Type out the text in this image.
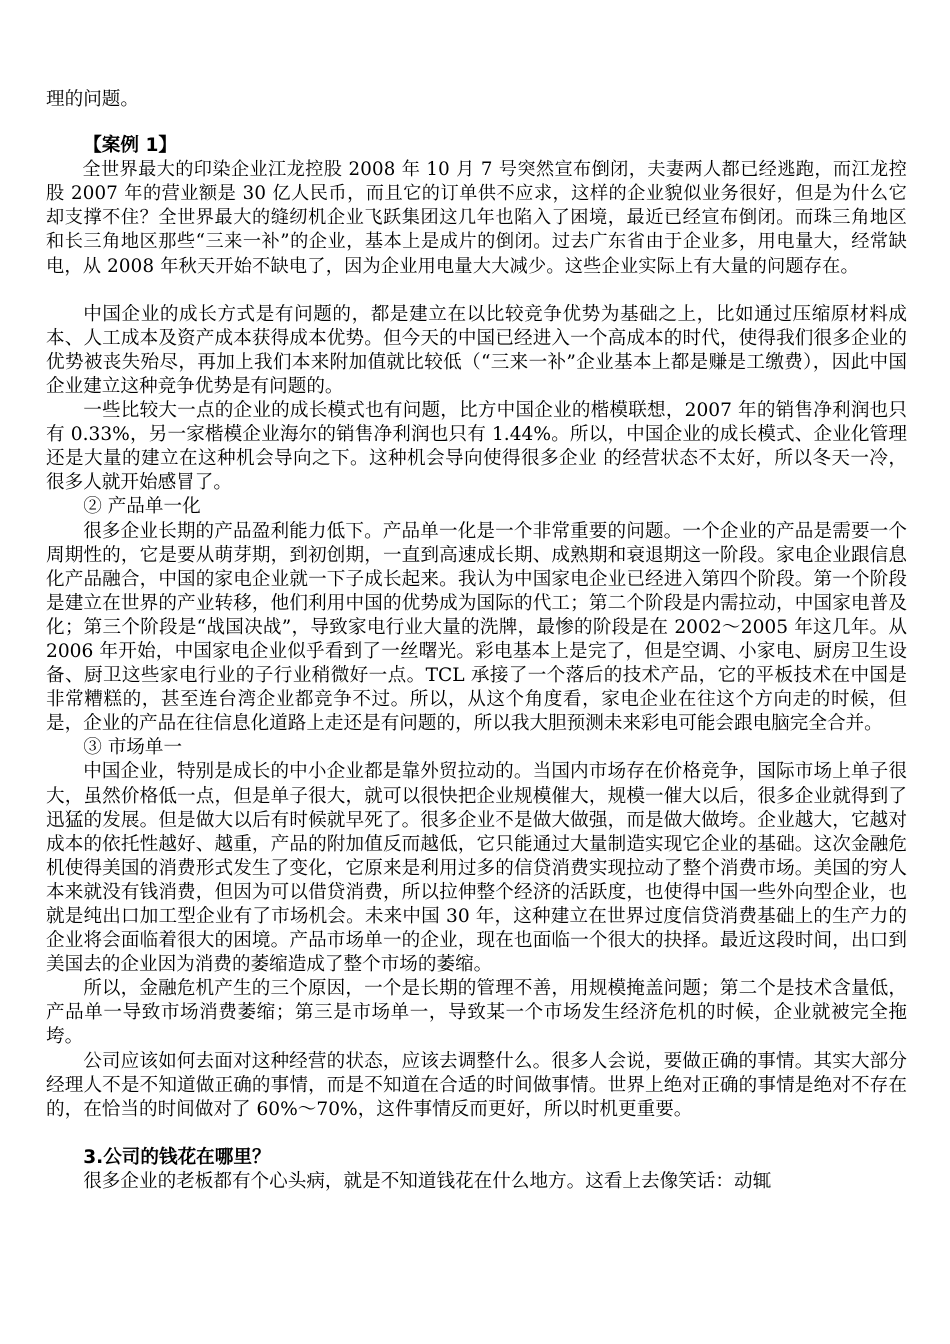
理的问题。

【案例 1】

全世界最大的印染企业江龙控股 2008 年 10 月 7 号突然宣布倒闭，夫妻两人都已经逃跑，而江龙控股 2007 年的营业额是 30 亿人民币，而且它的订单供不应求，这样的企业貌似业务很好，但是为什么它却支撑不住？全世界最大的缝纫机企业飞跃集团这几年也陷入了困境，最近已经宣布倒闭。而珠三角地区和长三角地区那些“三来一补”的企业，基本上是成片的倒闭。过去广东省由于企业多，用电量大，经常缺电，从 2008 年秋天开始不缺电了，因为企业用电量大大减少。这些企业实际上有大量的问题存在。

中国企业的成长方式是有问题的，都是建立在以比较竞争优势为基础之上，比如通过压缩原材料成本、人工成本及资产成本获得成本优势。但今天的中国已经进入一个高成本的时代，使得我们很多企业的优势被丧失殆尽，再加上我们本来附加值就比较低（“三来一补”企业基本上都是赚是工缴费），因此中国企业建立这种竞争优势是有问题的。

一些比较大一点的企业的成长模式也有问题，比方中国企业的楷模联想，2007 年的销售净利润也只有 0.33%，另一家楷模企业海尔的销售净利润也只有 1.44%。所以，中国企业的成长模式、企业化管理还是大量的建立在这种机会导向之下。这种机会导向使得很多企业 的经营状态不太好，所以冬天一冷，很多人就开始感冒了。

② 产品单一化

很多企业长期的产品盈利能力低下。产品单一化是一个非常重要的问题。一个企业的产品是需要一个周期性的，它是要从萌芽期，到初创期，一直到高速成长期、成熟期和衰退期这一阶段。家电企业跟信息化产品融合，中国的家电企业就一下子成长起来。我认为中国家电企业已经进入第四个阶段。第一个阶段是建立在世界的产业转移，他们利用中国的优势成为国际的代工；第二个阶段是内需拉动，中国家电普及化；第三个阶段是“战国决战”，导致家电行业大量的洗牌，最惨的阶段是在 2002～2005 年这几年。从 2006 年开始，中国家电企业似乎看到了一丝曙光。彩电基本上是完了，但是空调、小家电、厨房卫生设备、厨卫这些家电行业的子行业稍微好一点。TCL 承接了一个落后的技术产品，它的平板技术在中国是非常糟糕的，甚至连台湾企业都竞争不过。所以，从这个角度看，家电企业在往这个方向走的时候，但是，企业的产品在往信息化道路上走还是有问题的，所以我大胆预测未来彩电可能会跟电脑完全合并。

③ 市场单一

中国企业，特别是成长的中小企业都是靠外贸拉动的。当国内市场存在价格竞争，国际市场上单子很大，虽然价格低一点，但是单子很大，就可以很快把企业规模催大，规模一催大以后，很多企业就得到了迅猛的发展。但是做大以后有时候就早死了。很多企业不是做大做强，而是做大做垮。企业越大，它越对成本的依托性越好、越重，产品的附加值反而越低，它只能通过大量制造实现它企业的基础。这次金融危机使得美国的消费形式发生了变化，它原来是利用过多的信贷消费实现拉动了整个消费市场。美国的穷人本来就没有钱消费，但因为可以借贷消费，所以拉伸整个经济的活跃度，也使得中国一些外向型企业，也就是纯出口加工型企业有了市场机会。未来中国 30 年，这种建立在世界过度信贷消费基础上的生产力的企业将会面临着很大的困境。产品市场单一的企业，现在也面临一个很大的抉择。最近这段时间，出口到美国去的企业因为消费的萎缩造成了整个市场的萎缩。

所以，金融危机产生的三个原因，一个是长期的管理不善，用规模掩盖问题；第二个是技术含量低，产品单一导致市场消费萎缩；第三是市场单一，导致某一个市场发生经济危机的时候，企业就被完全拖垮。

公司应该如何去面对这种经营的状态，应该去调整什么。很多人会说，要做正确的事情。其实大部分经理人不是不知道做正确的事情，而是不知道在合适的时间做事情。世界上绝对正确的事情是绝对不存在的，在恰当的时间做对了 60%～70%，这件事情反而更好，所以时机更重要。

3.公司的钱花在哪里？

很多企业的老板都有个心头病，就是不知道钱花在什么地方。这看上去像笑话：动辄
